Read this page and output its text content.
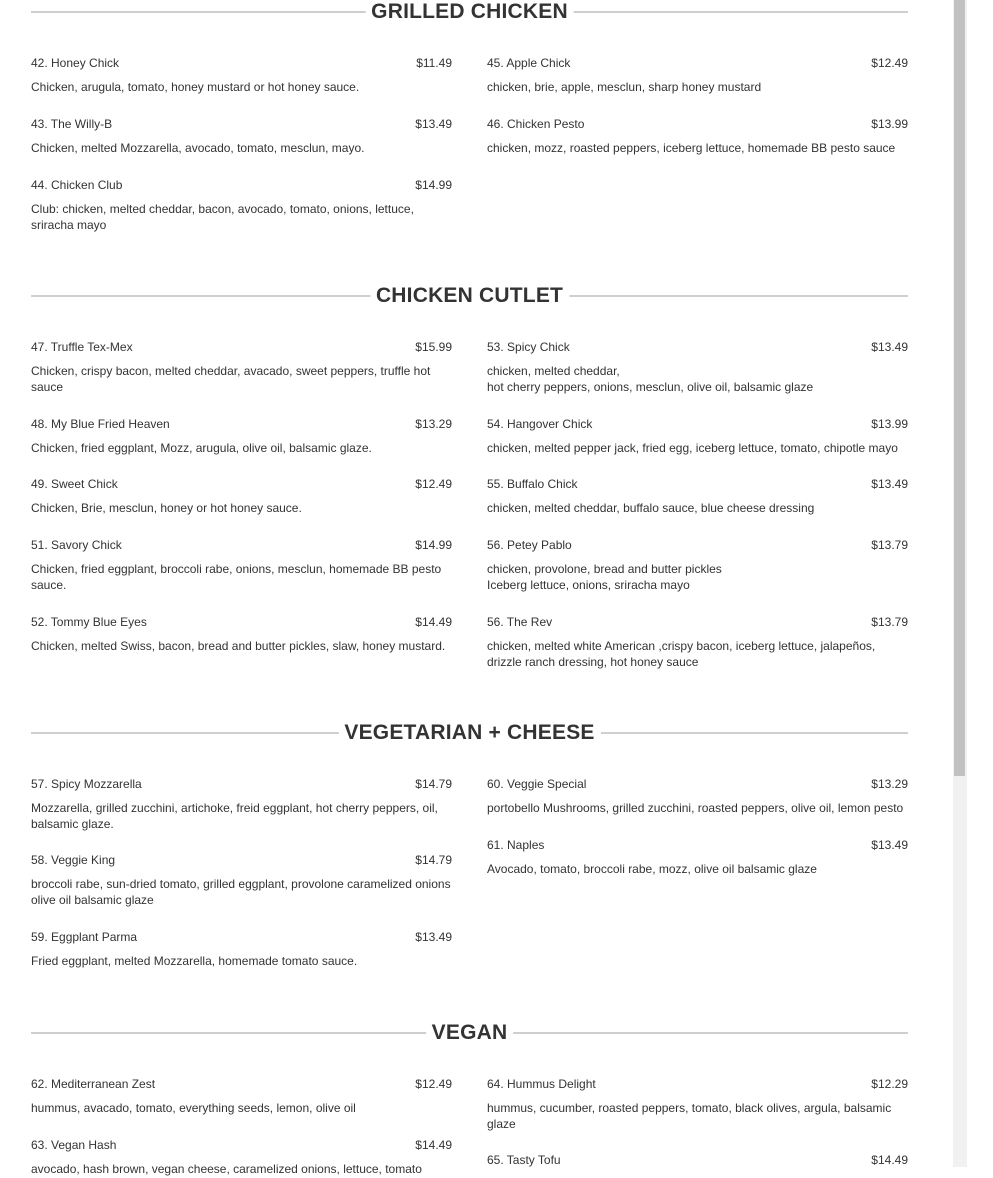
GRILLED CHICKEN
42. Honey Chick	$11.49
Chicken, arugula, tomato, honey mustard or hot honey sauce.
43. The Willy-B	$13.49
Chicken, melted Mozzarella, avocado, tomato, mesclun, mayo.
44. Chicken Club	$14.99
Club: chicken, melted cheddar, bacon, avocado, tomato, onions, lettuce, sriracha mayo
45. Apple Chick	$12.49
chicken, brie, apple, mesclun, sharp honey mustard
46. Chicken Pesto	$13.99
chicken, mozz, roasted peppers, iceberg lettuce, homemade BB pesto sauce
CHICKEN CUTLET
47. Truffle Tex-Mex	$15.99
Chicken, crispy bacon, melted cheddar, avacado, sweet peppers, truffle hot sauce
48. My Blue Fried Heaven	$13.29
Chicken, fried eggplant, Mozz, arugula, olive oil, balsamic glaze.
49. Sweet Chick	$12.49
Chicken, Brie, mesclun, honey or hot honey sauce.
51. Savory Chick	$14.99
Chicken, fried eggplant, broccoli rabe, onions, mesclun, homemade BB pesto sauce.
52. Tommy Blue Eyes	$14.49
Chicken, melted Swiss, bacon, bread and butter pickles, slaw, honey mustard.
53. Spicy Chick	$13.49
chicken, melted cheddar,
hot cherry peppers, onions, mesclun, olive oil, balsamic glaze
54. Hangover Chick	$13.99
chicken, melted pepper jack, fried egg, iceberg lettuce, tomato, chipotle mayo
55. Buffalo Chick	$13.49
chicken, melted cheddar, buffalo sauce, blue cheese dressing
56. Petey Pablo	$13.79
chicken, provolone, bread and butter pickles
Iceberg lettuce, onions, sriracha mayo
56. The Rev	$13.79
chicken, melted white American ,crispy bacon, iceberg lettuce, jalapeños, drizzle ranch dressing, hot honey sauce
VEGETARIAN + CHEESE
57. Spicy Mozzarella	$14.79
Mozzarella, grilled zucchini, artichoke, freid eggplant, hot cherry peppers, oil, balsamic glaze.
58. Veggie King	$14.79
broccoli rabe, sun-dried tomato, grilled eggplant, provolone caramelized onions olive oil balsamic glaze
59. Eggplant Parma	$13.49
Fried eggplant, melted Mozzarella, homemade tomato sauce.
60. Veggie Special	$13.29
portobello Mushrooms, grilled zucchini, roasted peppers, olive oil, lemon pesto
61. Naples	$13.49
Avocado, tomato, broccoli rabe, mozz, olive oil balsamic glaze
VEGAN
62. Mediterranean Zest	$12.49
hummus, avacado, tomato, everything seeds, lemon, olive oil
63. Vegan Hash	$14.49
avocado, hash brown, vegan cheese, caramelized onions, lettuce, tomato
64. Hummus Delight	$12.29
hummus, cucumber, roasted peppers, tomato, black olives, argula, balsamic glaze
65. Tasty Tofu	$14.49
